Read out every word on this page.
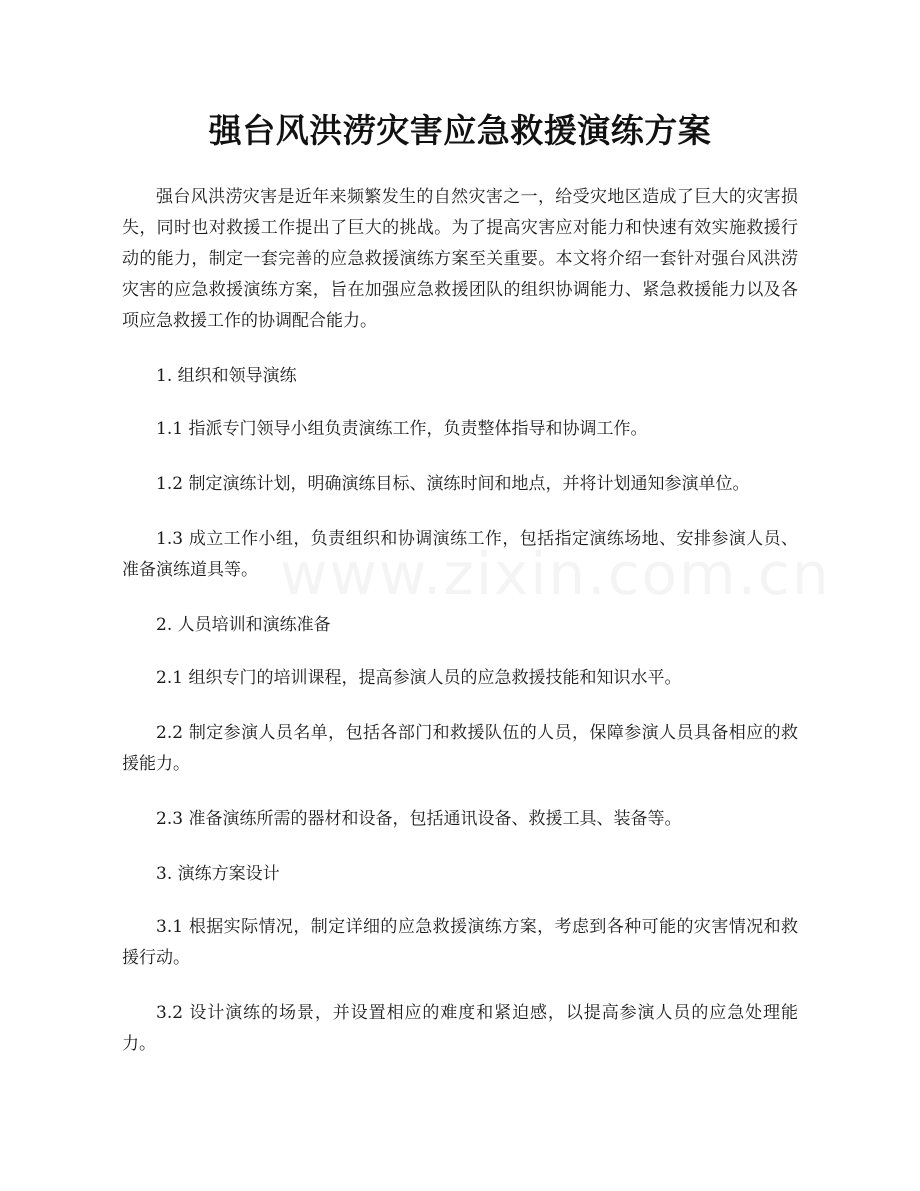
强台风洪涝灾害应急救援演练方案

强台风洪涝灾害是近年来频繁发生的自然灾害之一，给受灾地区造成了巨大的灾害损失，同时也对救援工作提出了巨大的挑战。为了提高灾害应对能力和快速有效实施救援行动的能力，制定一套完善的应急救援演练方案至关重要。本文将介绍一套针对强台风洪涝灾害的应急救援演练方案，旨在加强应急救援团队的组织协调能力、紧急救援能力以及各项应急救援工作的协调配合能力。

1. 组织和领导演练

1.1 指派专门领导小组负责演练工作，负责整体指导和协调工作。

1.2 制定演练计划，明确演练目标、演练时间和地点，并将计划通知参演单位。

1.3 成立工作小组，负责组织和协调演练工作，包括指定演练场地、安排参演人员、准备演练道具等。

2. 人员培训和演练准备

2.1 组织专门的培训课程，提高参演人员的应急救援技能和知识水平。

2.2 制定参演人员名单，包括各部门和救援队伍的人员，保障参演人员具备相应的救援能力。

2.3 准备演练所需的器材和设备，包括通讯设备、救援工具、装备等。

3. 演练方案设计

3.1 根据实际情况，制定详细的应急救援演练方案，考虑到各种可能的灾害情况和救援行动。

3.2 设计演练的场景，并设置相应的难度和紧迫感，以提高参演人员的应急处理能力。
